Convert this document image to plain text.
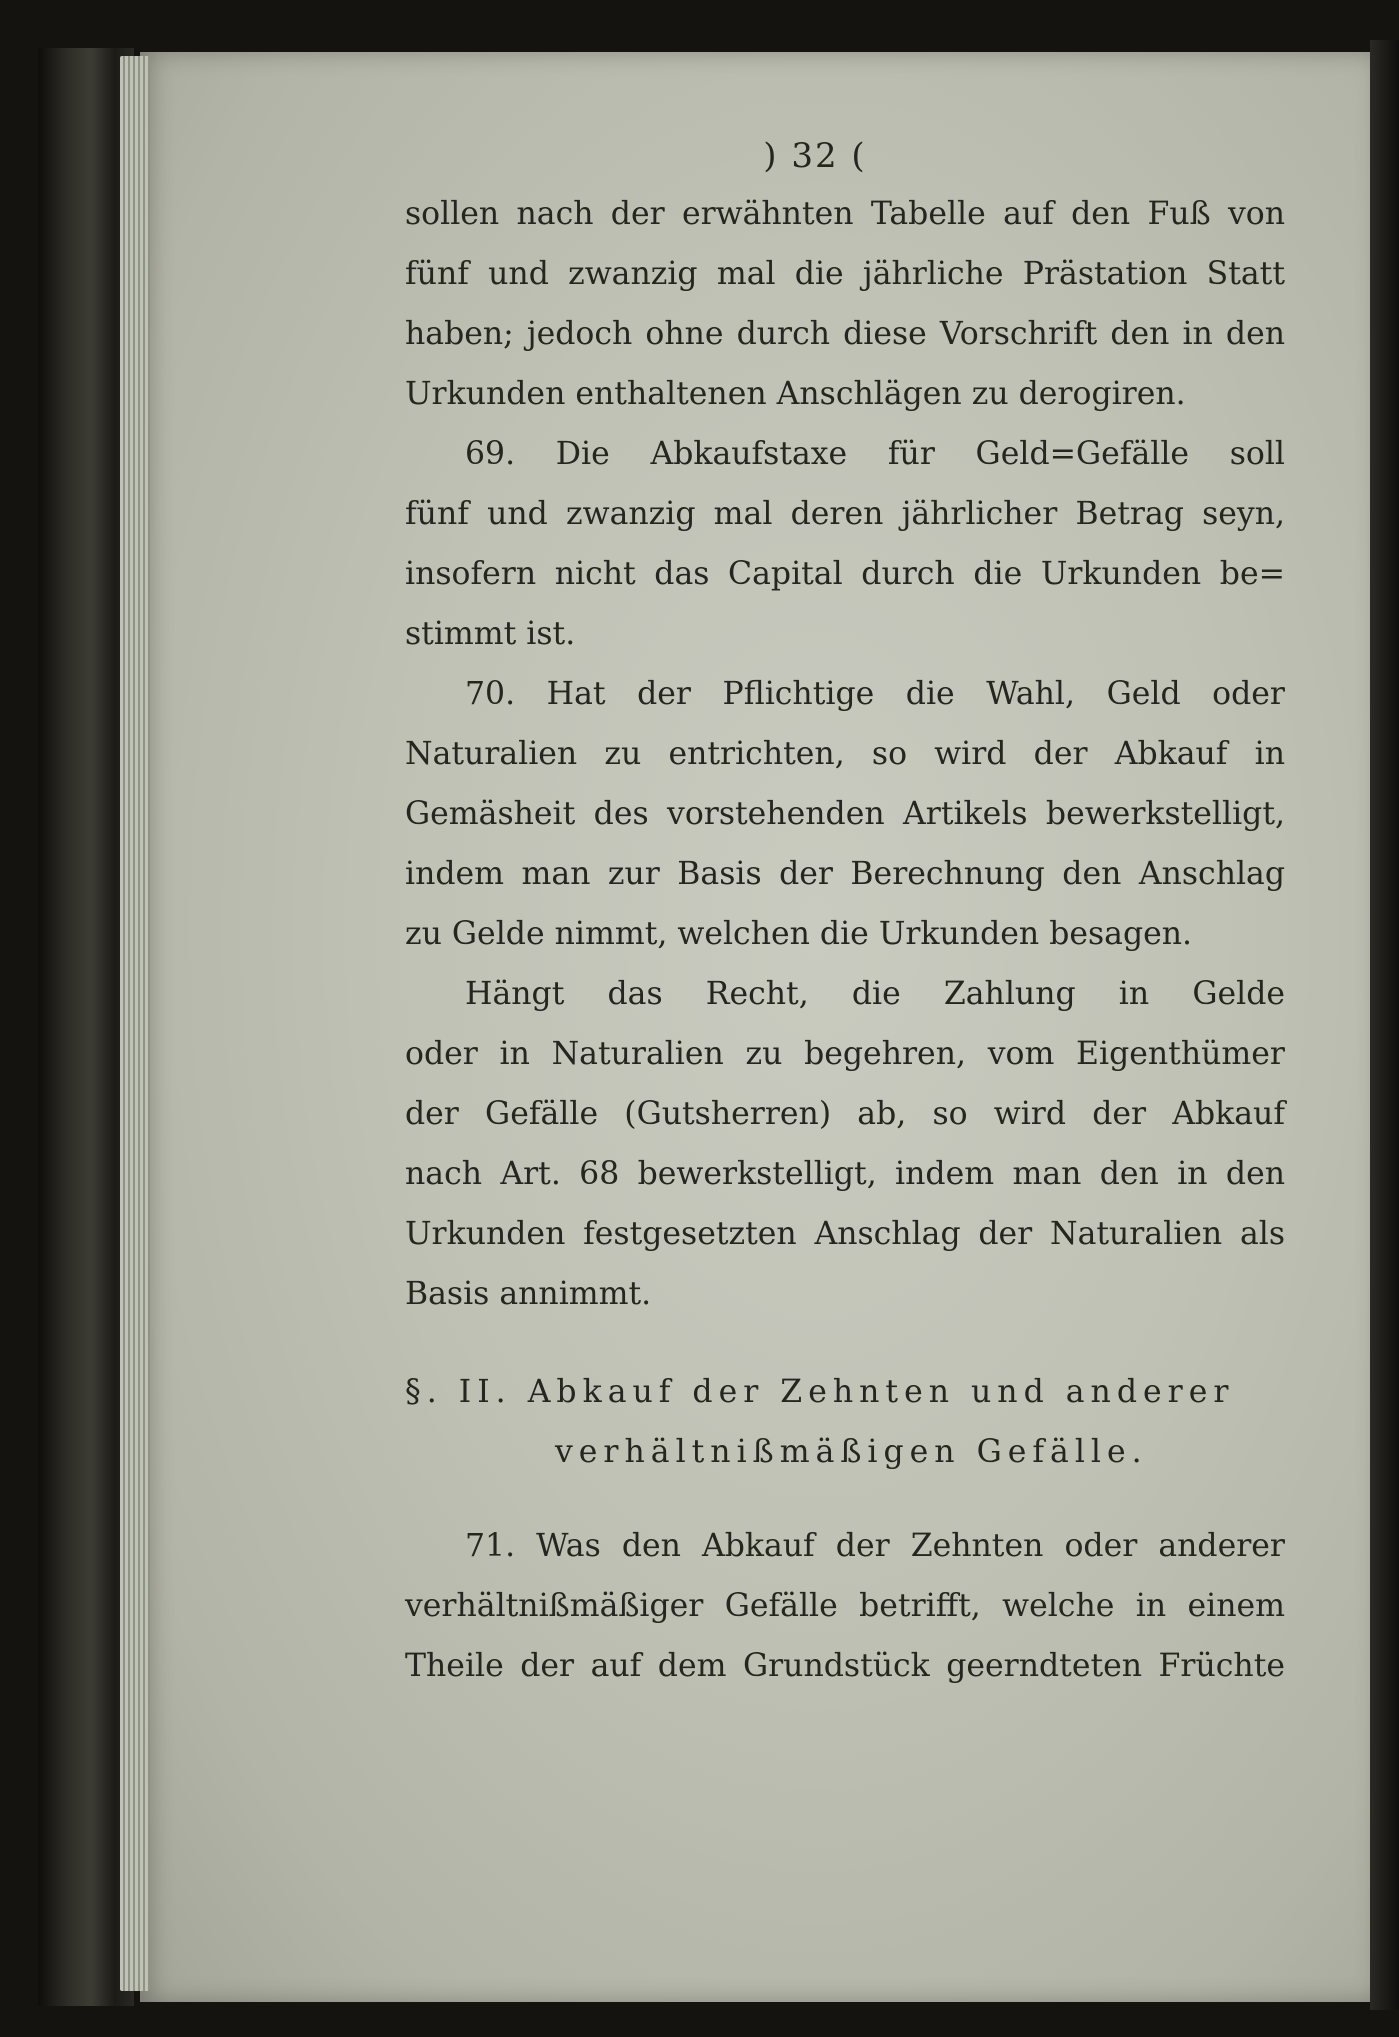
) 32 (
sollen nach der erwähnten Tabelle auf den Fuß von
fünf und zwanzig mal die jährliche Prästation Statt
haben; jedoch ohne durch diese Vorschrift den in den
Urkunden enthaltenen Anschlägen zu derogiren.
69. Die Abkaufstaxe für Geld=Gefälle soll
fünf und zwanzig mal deren jährlicher Betrag seyn,
insofern nicht das Capital durch die Urkunden be=
stimmt ist.
70. Hat der Pflichtige die Wahl, Geld oder
Naturalien zu entrichten, so wird der Abkauf in
Gemäsheit des vorstehenden Artikels bewerkstelligt,
indem man zur Basis der Berechnung den Anschlag
zu Gelde nimmt, welchen die Urkunden besagen.
Hängt das Recht, die Zahlung in Gelde
oder in Naturalien zu begehren, vom Eigenthümer
der Gefälle (Gutsherren) ab, so wird der Abkauf
nach Art. 68 bewerkstelligt, indem man den in den
Urkunden festgesetzten Anschlag der Naturalien als
Basis annimmt.
§. II. Abkauf der Zehnten und anderer
verhältnißmäßigen Gefälle.
71. Was den Abkauf der Zehnten oder anderer
verhältnißmäßiger Gefälle betrifft, welche in einem
Theile der auf dem Grundstück geerndteten Früchte
